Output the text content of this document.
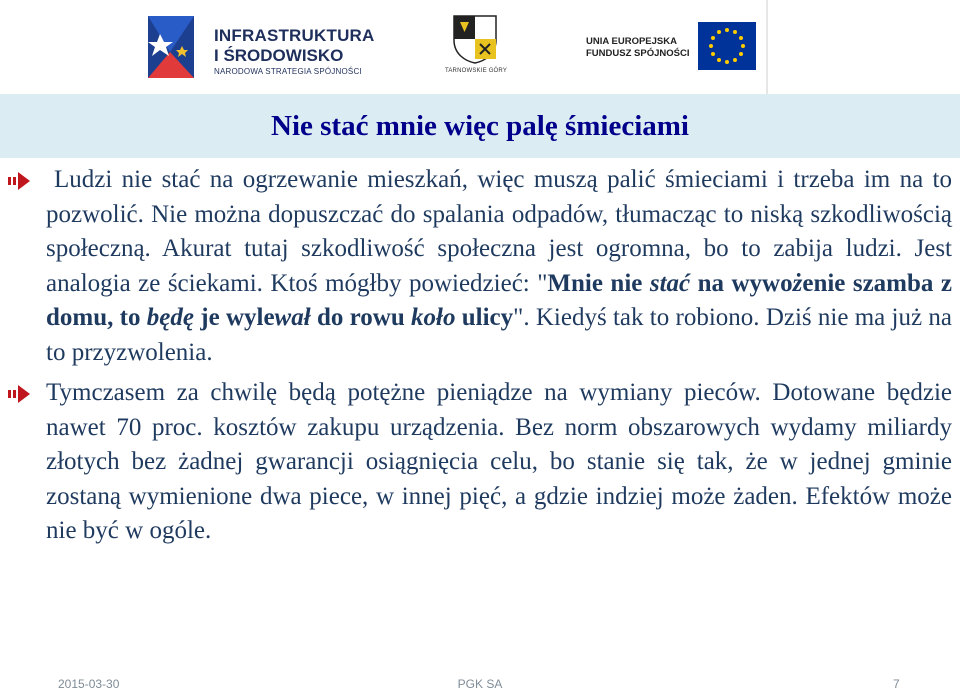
INFRASTRUKTURA
I ŚRODOWISKO
NARODOWA STRATEGIA SPÓJNOŚCI	TARNOWSKIE GÓRY
UNIA EUROPEJSKA
FUNDUSZ SPÓJNOŚCI
Nie stać mnie więc palę śmieciami
Ludzi nie stać na ogrzewanie mieszkań, więc muszą palić śmieciami i trzeba im na to pozwolić. Nie można dopuszczać do spalania odpadów, tłumacząc to niską szkodliwością społeczną. Akurat tutaj szkodliwość społeczna jest ogromna, bo to zabija ludzi. Jest analogia ze ściekami. Ktoś mógłby powiedzieć: "Mnie nie stać na wywożenie szamba z domu, to będę je wylewał do rowu koło ulicy". Kiedyś tak to robiono. Dziś nie ma już na to przyzwolenia.
Tymczasem za chwilę będą potężne pieniądze na wymiany pieców. Dotowane będzie nawet 70 proc. kosztów zakupu urządzenia. Bez norm obszarowych wydamy miliardy złotych bez żadnej gwarancji osiągnięcia celu, bo stanie się tak, że w jednej gminie zostaną wymienione dwa piece, w innej pięć, a gdzie indziej może żaden. Efektów może nie być w ogóle.
2015-03-30	PGK SA	7
